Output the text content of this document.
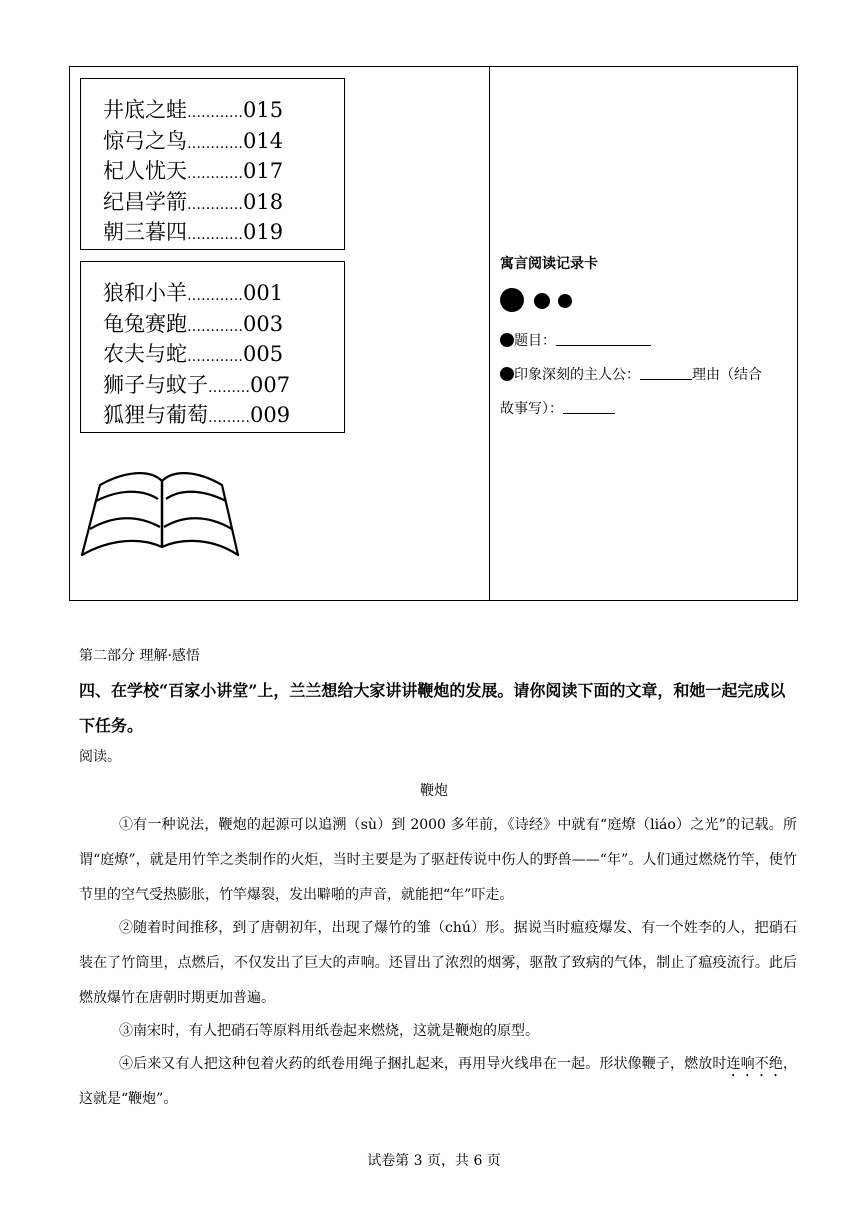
井底之蛙…………015
惊弓之鸟…………014
杞人忧天…………017
纪昌学箭…………018
朝三暮四…………019
狼和小羊…………001
龟兔赛跑…………003
农夫与蛇…………005
狮子与蚊子………007
狐狸与葡萄………009
寓言阅读记录卡
题目：
印象深刻的主人公：	理由（结合
故事写）：
第二部分 理解·感悟
四、在学校“百家小讲堂”上，兰兰想给大家讲讲鞭炮的发展。请你阅读下面的文章，和她一起完成以下任务。
阅读。
鞭炮
①有一种说法，鞭炮的起源可以追溯（sù）到 2000 多年前，《诗经》中就有“庭燎（liáo）之光”的记载。所谓“庭燎”，就是用竹竿之类制作的火炬，当时主要是为了驱赶传说中伤人的野兽——“年”。人们通过燃烧竹竿，使竹节里的空气受热膨胀，竹竿爆裂，发出噼啪的声音，就能把“年”吓走。
②随着时间推移，到了唐朝初年，出现了爆竹的雏（chú）形。据说当时瘟疫爆发、有一个姓李的人，把硝石装在了竹筒里，点燃后，不仅发出了巨大的声响。还冒出了浓烈的烟雾，驱散了致病的气体，制止了瘟疫流行。此后燃放爆竹在唐朝时期更加普遍。
③南宋时，有人把硝石等原料用纸卷起来燃烧，这就是鞭炮的原型。
④后来又有人把这种包着火药的纸卷用绳子捆扎起来，再用导火线串在一起。形状像鞭子，燃放时连响不绝，这就是“鞭炮”。
试卷第 3 页，共 6 页
